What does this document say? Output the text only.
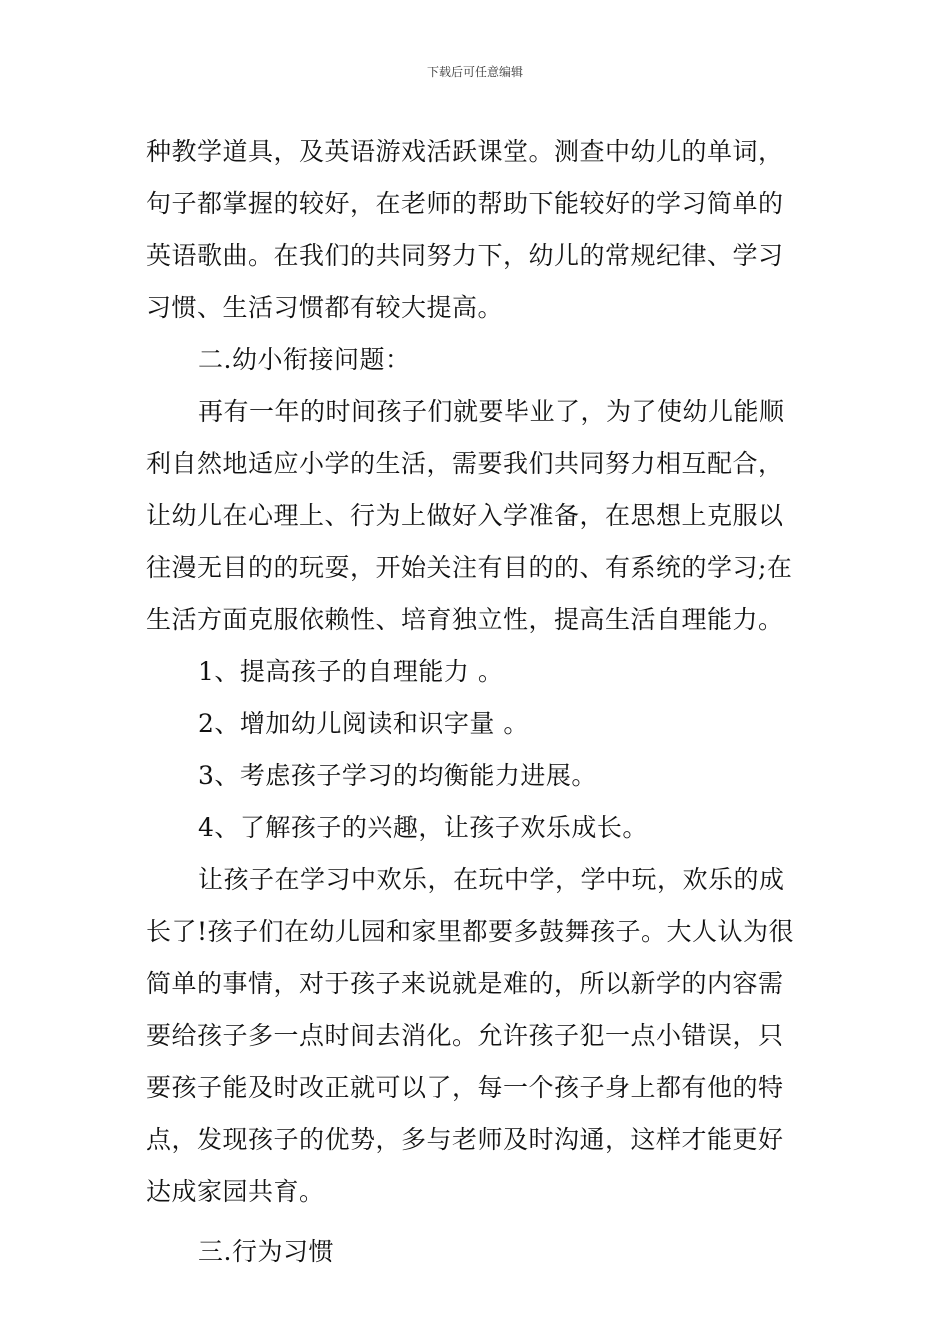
下载后可任意编辑
种教学道具，及英语游戏活跃课堂。测查中幼儿的单词，
句子都掌握的较好，在老师的帮助下能较好的学习简单的
英语歌曲。在我们的共同努力下，幼儿的常规纪律、学习
习惯、生活习惯都有较大提高。
二.幼小衔接问题：
再有一年的时间孩子们就要毕业了，为了使幼儿能顺
利自然地适应小学的生活，需要我们共同努力相互配合，
让幼儿在心理上、行为上做好入学准备，在思想上克服以
往漫无目的的玩耍，开始关注有目的的、有系统的学习;在
生活方面克服依赖性、培育独立性，提高生活自理能力。
1、提高孩子的自理能力 。
2、增加幼儿阅读和识字量 。
3、考虑孩子学习的均衡能力进展。
4、了解孩子的兴趣，让孩子欢乐成长。
让孩子在学习中欢乐，在玩中学，学中玩，欢乐的成
长了!孩子们在幼儿园和家里都要多鼓舞孩子。大人认为很
简单的事情，对于孩子来说就是难的，所以新学的内容需
要给孩子多一点时间去消化。允许孩子犯一点小错误，只
要孩子能及时改正就可以了，每一个孩子身上都有他的特
点，发现孩子的优势，多与老师及时沟通，这样才能更好
达成家园共育。
三.行为习惯
